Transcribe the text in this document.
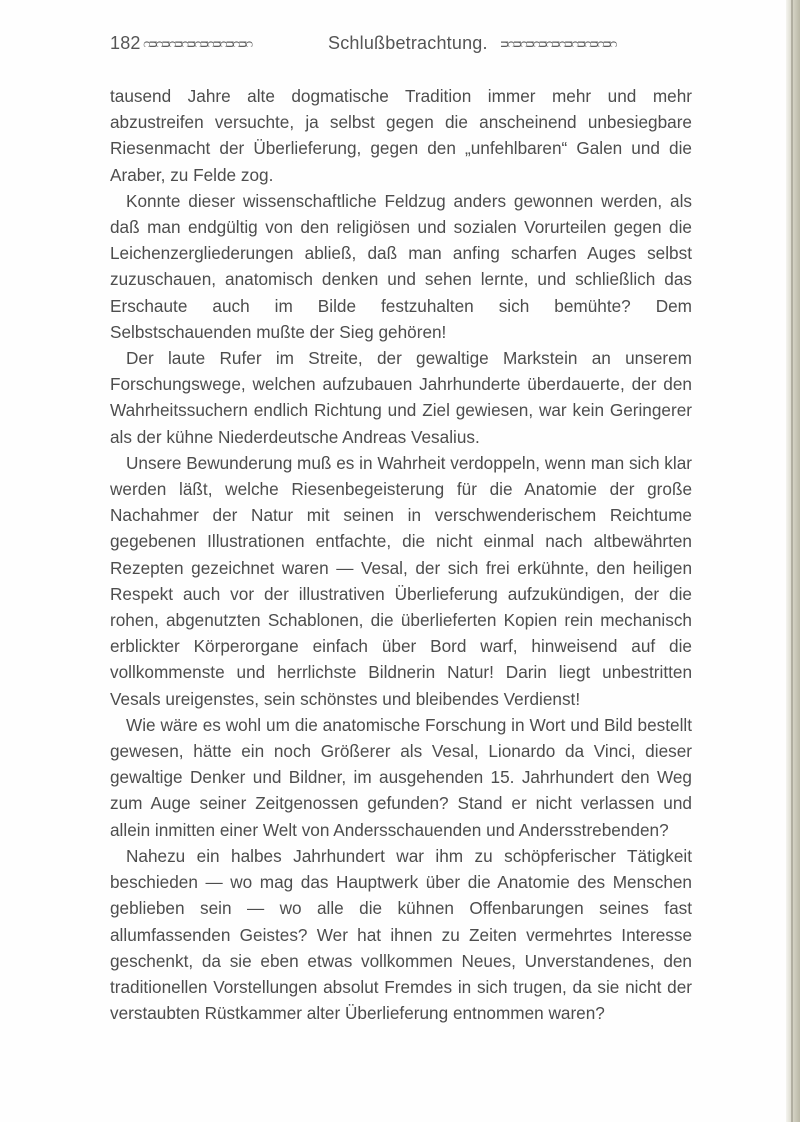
182 ᴒᴝᴒᴝᴒᴝᴒᴝᴒᴝᴒᴝᴒᴝᴒᴝᴒ	Schlußbetrachtung. ᴝᴒᴝᴒᴝᴒᴝᴒᴝᴒᴝᴒᴝᴒᴝᴒᴝᴒ

tausend Jahre alte dogmatische Tradition immer mehr und mehr abzustreifen versuchte, ja selbst gegen die anscheinend unbesiegbare Riesenmacht der Überlieferung, gegen den „unfehlbaren“ Galen und die Araber, zu Felde zog.

Konnte dieser wissenschaftliche Feldzug anders gewonnen werden, als daß man endgültig von den religiösen und sozialen Vorurteilen gegen die Leichenzergliederungen abließ, daß man anfing scharfen Auges selbst zuzuschauen, anatomisch denken und sehen lernte, und schließlich das Erschaute auch im Bilde festzuhalten sich bemühte? Dem Selbstschauenden mußte der Sieg gehören!

Der laute Rufer im Streite, der gewaltige Markstein an unserem Forschungswege, welchen aufzubauen Jahrhunderte überdauerte, der den Wahrheitssuchern endlich Richtung und Ziel gewiesen, war kein Geringerer als der kühne Niederdeutsche Andreas Vesalius.

Unsere Bewunderung muß es in Wahrheit verdoppeln, wenn man sich klar werden läßt, welche Riesenbegeisterung für die Anatomie der große Nachahmer der Natur mit seinen in verschwenderischem Reichtume gegebenen Illustrationen entfachte, die nicht einmal nach altbewährten Rezepten gezeichnet waren — Vesal, der sich frei erkühnte, den heiligen Respekt auch vor der illustrativen Überlieferung aufzukündigen, der die rohen, abgenutzten Schablonen, die überlieferten Kopien rein mechanisch erblickter Körperorgane einfach über Bord warf, hinweisend auf die vollkommenste und herrlichste Bildnerin Natur! Darin liegt unbestritten Vesals ureigenstes, sein schönstes und bleibendes Verdienst!

Wie wäre es wohl um die anatomische Forschung in Wort und Bild bestellt gewesen, hätte ein noch Größerer als Vesal, Lionardo da Vinci, dieser gewaltige Denker und Bildner, im ausgehenden 15. Jahrhundert den Weg zum Auge seiner Zeitgenossen gefunden? Stand er nicht verlassen und allein inmitten einer Welt von Andersschauenden und Andersstrebenden?

Nahezu ein halbes Jahrhundert war ihm zu schöpferischer Tätigkeit beschieden — wo mag das Hauptwerk über die Anatomie des Menschen geblieben sein — wo alle die kühnen Offenbarungen seines fast allumfassenden Geistes? Wer hat ihnen zu Zeiten vermehrtes Interesse geschenkt, da sie eben etwas vollkommen Neues, Unverstandenes, den traditionellen Vorstellungen absolut Fremdes in sich trugen, da sie nicht der verstaubten Rüstkammer alter Überlieferung entnommen waren?
